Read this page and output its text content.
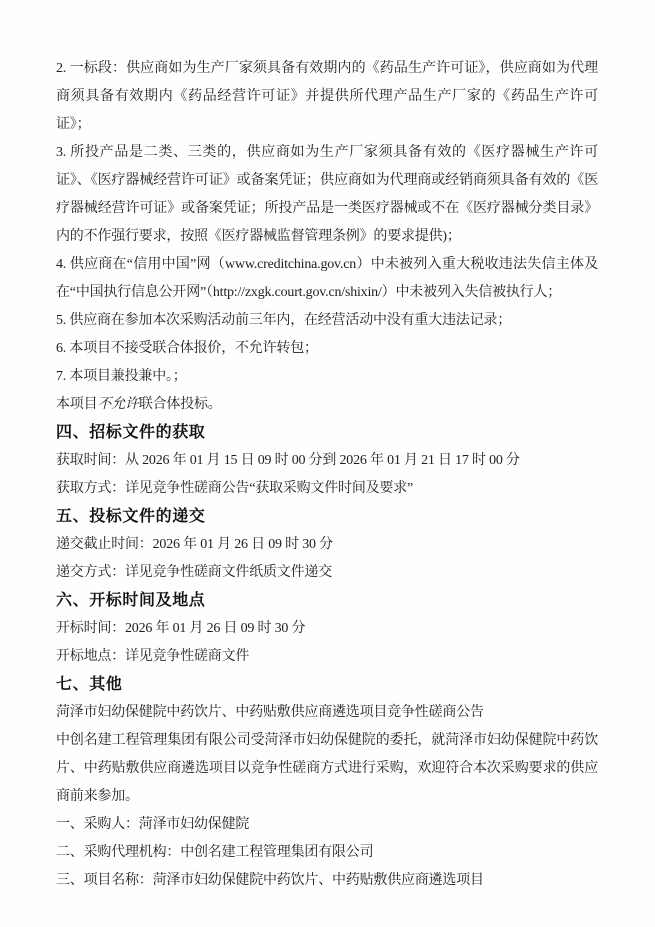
2. 一标段：供应商如为生产厂家须具备有效期内的《药品生产许可证》，供应商如为代理商须具备有效期内《药品经营许可证》并提供所代理产品生产厂家的《药品生产许可证》；

3. 所投产品是二类、三类的，供应商如为生产厂家须具备有效的《医疗器械生产许可证》、《医疗器械经营许可证》或备案凭证；供应商如为代理商或经销商须具备有效的《医疗器械经营许可证》或备案凭证；所投产品是一类医疗器械或不在《医疗器械分类目录》内的不作强行要求，按照《医疗器械监督管理条例》的要求提供)；

4. 供应商在“信用中国”网（www.creditchina.gov.cn）中未被列入重大税收违法失信主体及在“中国执行信息公开网”（http://zxgk.court.gov.cn/shixin/）中未被列入失信被执行人；

5. 供应商在参加本次采购活动前三年内，在经营活动中没有重大违法记录；

6. 本项目不接受联合体报价，不允许转包；

7. 本项目兼投兼中。；

本项目不允许联合体投标。

四、招标文件的获取

获取时间：从 2026 年 01 月 15 日 09 时 00 分到 2026 年 01 月 21 日 17 时 00 分

获取方式：详见竞争性磋商公告“获取采购文件时间及要求”

五、投标文件的递交

递交截止时间：2026 年 01 月 26 日 09 时 30 分

递交方式：详见竞争性磋商文件纸质文件递交

六、开标时间及地点

开标时间：2026 年 01 月 26 日 09 时 30 分

开标地点：详见竞争性磋商文件

七、其他

菏泽市妇幼保健院中药饮片、中药贴敷供应商遴选项目竞争性磋商公告

中创名建工程管理集团有限公司受菏泽市妇幼保健院的委托，就菏泽市妇幼保健院中药饮片、中药贴敷供应商遴选项目以竞争性磋商方式进行采购，欢迎符合本次采购要求的供应商前来参加。

一、采购人：菏泽市妇幼保健院

二、采购代理机构：中创名建工程管理集团有限公司

三、项目名称：菏泽市妇幼保健院中药饮片、中药贴敷供应商遴选项目
